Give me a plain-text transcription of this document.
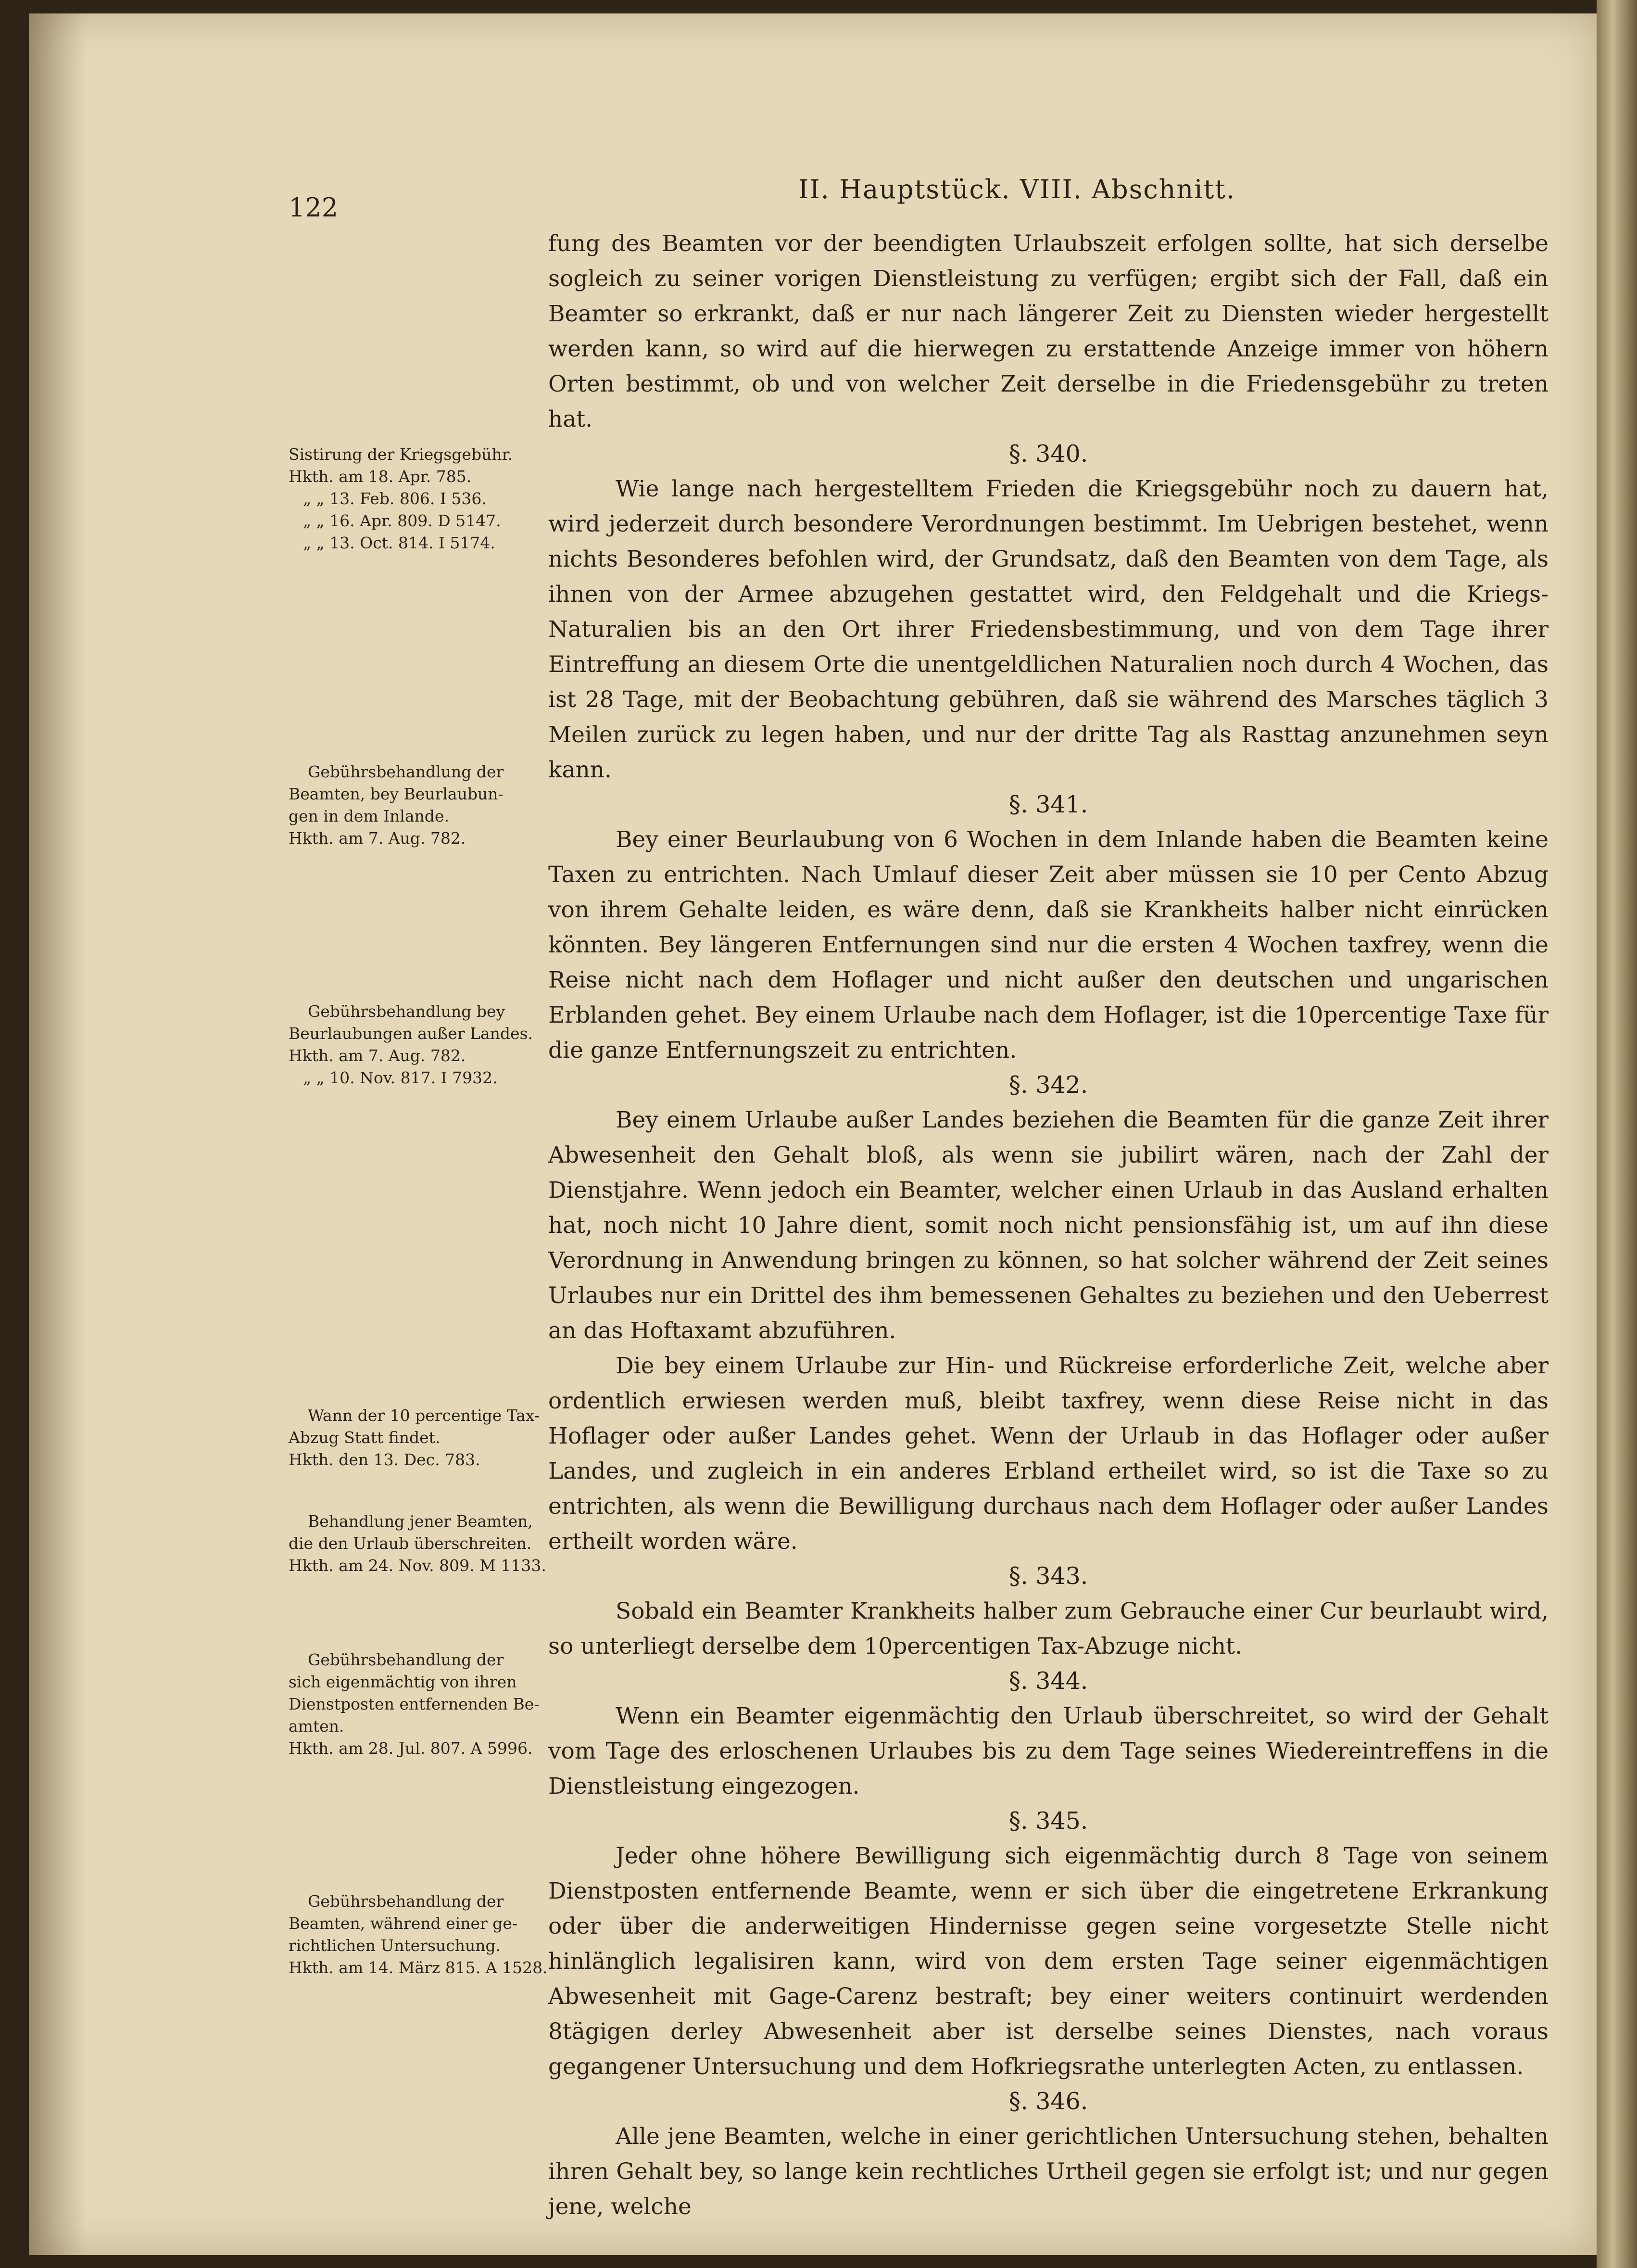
122
II. Hauptstück. VIII. Abschnitt.

fung des Beamten vor der beendigten Urlaubszeit erfolgen sollte, hat sich derselbe sogleich zu seiner vorigen Dienstleistung zu verfügen; ergibt sich der Fall, daß ein Beamter so erkrankt, daß er nur nach längerer Zeit zu Diensten wieder hergestellt werden kann, so wird auf die hierwegen zu erstattende Anzeige immer von höhern Orten bestimmt, ob und von welcher Zeit derselbe in die Friedensgebühr zu treten hat.

§. 340.

Wie lange nach hergestelltem Frieden die Kriegsgebühr noch zu dauern hat, wird jederzeit durch besondere Verordnungen bestimmt. Im Uebrigen bestehet, wenn nichts Besonderes befohlen wird, der Grundsatz, daß den Beamten von dem Tage, als ihnen von der Armee abzugehen gestattet wird, den Feldgehalt und die Kriegs-Naturalien bis an den Ort ihrer Friedensbestimmung, und von dem Tage ihrer Eintreffung an diesem Orte die unentgeldlichen Naturalien noch durch 4 Wochen, das ist 28 Tage, mit der Beobachtung gebühren, daß sie während des Marsches täglich 3 Meilen zurück zu legen haben, und nur der dritte Tag als Rasttag anzunehmen seyn kann.

§. 341.

Bey einer Beurlaubung von 6 Wochen in dem Inlande haben die Beamten keine Taxen zu entrichten. Nach Umlauf dieser Zeit aber müssen sie 10 per Cento Abzug von ihrem Gehalte leiden, es wäre denn, daß sie Krankheits halber nicht einrücken könnten. Bey längeren Entfernungen sind nur die ersten 4 Wochen taxfrey, wenn die Reise nicht nach dem Hoflager und nicht außer den deutschen und ungarischen Erblanden gehet. Bey einem Urlaube nach dem Hoflager, ist die 10percentige Taxe für die ganze Entfernungszeit zu entrichten.

§. 342.

Bey einem Urlaube außer Landes beziehen die Beamten für die ganze Zeit ihrer Abwesenheit den Gehalt bloß, als wenn sie jubilirt wären, nach der Zahl der Dienstjahre. Wenn jedoch ein Beamter, welcher einen Urlaub in das Ausland erhalten hat, noch nicht 10 Jahre dient, somit noch nicht pensionsfähig ist, um auf ihn diese Verordnung in Anwendung bringen zu können, so hat solcher während der Zeit seines Urlaubes nur ein Drittel des ihm bemessenen Gehaltes zu beziehen und den Ueberrest an das Hoftaxamt abzuführen.

Die bey einem Urlaube zur Hin- und Rückreise erforderliche Zeit, welche aber ordentlich erwiesen werden muß, bleibt taxfrey, wenn diese Reise nicht in das Hoflager oder außer Landes gehet. Wenn der Urlaub in das Hoflager oder außer Landes, und zugleich in ein anderes Erbland ertheilet wird, so ist die Taxe so zu entrichten, als wenn die Bewilligung durchaus nach dem Hoflager oder außer Landes ertheilt worden wäre.

§. 343.

Sobald ein Beamter Krankheits halber zum Gebrauche einer Cur beurlaubt wird, so unterliegt derselbe dem 10percentigen Tax-Abzuge nicht.

§. 344.

Wenn ein Beamter eigenmächtig den Urlaub überschreitet, so wird der Gehalt vom Tage des erloschenen Urlaubes bis zu dem Tage seines Wiedereintreffens in die Dienstleistung eingezogen.

§. 345.

Jeder ohne höhere Bewilligung sich eigenmächtig durch 8 Tage von seinem Dienstposten entfernende Beamte, wenn er sich über die eingetretene Erkrankung oder über die anderweitigen Hindernisse gegen seine vorgesetzte Stelle nicht hinlänglich legalisiren kann, wird von dem ersten Tage seiner eigenmächtigen Abwesenheit mit Gage-Carenz bestraft; bey einer weiters continuirt werdenden 8tägigen derley Abwesenheit aber ist derselbe seines Dienstes, nach voraus gegangener Untersuchung und dem Hofkriegsrathe unterlegten Acten, zu entlassen.

§. 346.

Alle jene Beamten, welche in einer gerichtlichen Untersuchung stehen, behalten ihren Gehalt bey, so lange kein rechtliches Urtheil gegen sie erfolgt ist; und nur gegen jene, welche

Sistirung der Kriegsgebühr.
Hkth. am 18. Apr. 785.
„ „ 13. Feb. 806. I 536.
„ „ 16. Apr. 809. D 5147.
„ „ 13. Oct. 814. I 5174.
Gebührsbehandlung der
Beamten, bey Beurlaubun-
gen in dem Inlande.
Hkth. am 7. Aug. 782.
Gebührsbehandlung bey
Beurlaubungen außer Landes.
Hkth. am 7. Aug. 782.
„ „ 10. Nov. 817. I 7932.
Wann der 10 percentige Tax-
Abzug Statt findet.
Hkth. den 13. Dec. 783.
Behandlung jener Beamten,
die den Urlaub überschreiten.
Hkth. am 24. Nov. 809. M 1133.
Gebührsbehandlung der
sich eigenmächtig von ihren
Dienstposten entfernenden Be-
amten.
Hkth. am 28. Jul. 807. A 5996.
Gebührsbehandlung der
Beamten, während einer ge-
richtlichen Untersuchung.
Hkth. am 14. März 815. A 1528.
